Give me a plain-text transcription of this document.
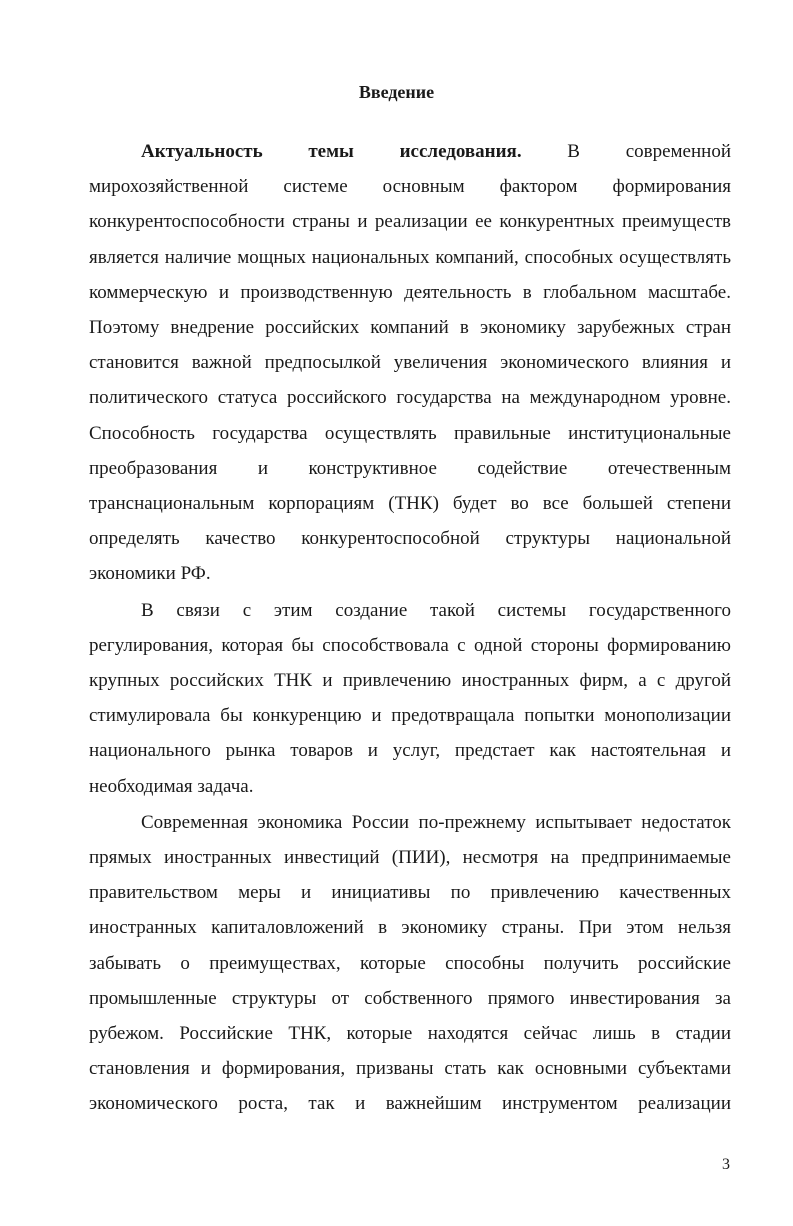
Введение

Актуальность темы исследования. В современной мирохозяйственной системе основным фактором формирования конкурентоспособности страны и реализации ее конкурентных преимуществ является наличие мощных национальных компаний, способных осуществлять коммерческую и производственную деятельность в глобальном масштабе. Поэтому внедрение российских компаний в экономику зарубежных стран становится важной предпосылкой увеличения экономического влияния и политического статуса российского государства на международном уровне. Способность государства осуществлять правильные институциональные преобразования и конструктивное содействие отечественным транснациональным корпорациям (ТНК) будет во все большей степени определять качество конкурентоспособной структуры национальной экономики РФ.

В связи с этим создание такой системы государственного регулирования, которая бы способствовала с одной стороны формированию крупных российских ТНК и привлечению иностранных фирм, а с другой стимулировала бы конкуренцию и предотвращала попытки монополизации национального рынка товаров и услуг, предстает как настоятельная и необходимая задача.

Современная экономика России по-прежнему испытывает недостаток прямых иностранных инвестиций (ПИИ), несмотря на предпринимаемые правительством меры и инициативы по привлечению качественных иностранных капиталовложений в экономику страны. При этом нельзя забывать о преимуществах, которые способны получить российские промышленные структуры от собственного прямого инвестирования за рубежом. Российские ТНК, которые находятся сейчас лишь в стадии становления и формирования, призваны стать как основными субъектами экономического роста, так и важнейшим инструментом реализации

3
